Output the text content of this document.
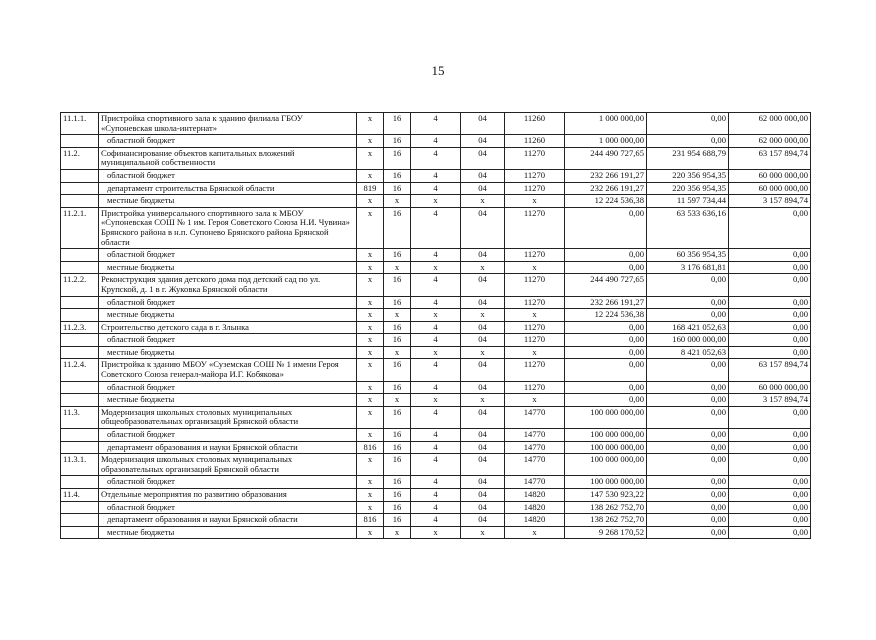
15
11.1.1.	Пристройка спортивного зала к зданию филиала ГБОУ «Супоневская школа-интернат»	х	16	4	04	11260	1 000 000,00	0,00	62 000 000,00
	областной бюджет	х	16	4	04	11260	1 000 000,00	0,00	62 000 000,00
11.2.	Софинансирование объектов капитальных вложений муниципальной собственности	х	16	4	04	11270	244 490 727,65	231 954 688,79	63 157 894,74
	областной бюджет	х	16	4	04	11270	232 266 191,27	220 356 954,35	60 000 000,00
	департамент строительства Брянской области	819	16	4	04	11270	232 266 191,27	220 356 954,35	60 000 000,00
	местные бюджеты	х	х	х	х	х	12 224 536,38	11 597 734,44	3 157 894,74
11.2.1.	Пристройка универсального спортивного зала к МБОУ «Супоневская СОШ № 1 им. Героя Советского Союза Н.И. Чувина» Брянского района в н.п. Супонево Брянского района Брянской области	х	16	4	04	11270	0,00	63 533 636,16	0,00
	областной бюджет	х	16	4	04	11270	0,00	60 356 954,35	0,00
	местные бюджеты	х	х	х	х	х	0,00	3 176 681,81	0,00
11.2.2.	Реконструкция здания детского дома под детский сад по ул. Крупской, д. 1 в г. Жуковка Брянской области	х	16	4	04	11270	244 490 727,65	0,00	0,00
	областной бюджет	х	16	4	04	11270	232 266 191,27	0,00	0,00
	местные бюджеты	х	х	х	х	х	12 224 536,38	0,00	0,00
11.2.3.	Строительство детского сада в г. Злынка	х	16	4	04	11270	0,00	168 421 052,63	0,00
	областной бюджет	х	16	4	04	11270	0,00	160 000 000,00	0,00
	местные бюджеты	х	х	х	х	х	0,00	8 421 052,63	0,00
11.2.4.	Пристройка к зданию МБОУ «Суземская СОШ № 1 имени Героя Советского Союза генерал-майора И.Г. Кобякова»	х	16	4	04	11270	0,00	0,00	63 157 894,74
	областной бюджет	х	16	4	04	11270	0,00	0,00	60 000 000,00
	местные бюджеты	х	х	х	х	х	0,00	0,00	3 157 894,74
11.3.	Модернизация школьных столовых муниципальных общеобразовательных организаций Брянской области	х	16	4	04	14770	100 000 000,00	0,00	0,00
	областной бюджет	х	16	4	04	14770	100 000 000,00	0,00	0,00
	департамент образования и науки Брянской области	816	16	4	04	14770	100 000 000,00	0,00	0,00
11.3.1.	Модернизация школьных столовых муниципальных образовательных организаций Брянской области	х	16	4	04	14770	100 000 000,00	0,00	0,00
	областной бюджет	х	16	4	04	14770	100 000 000,00	0,00	0,00
11.4.	Отдельные мероприятия по развитию образования	х	16	4	04	14820	147 530 923,22	0,00	0,00
	областной бюджет	х	16	4	04	14820	138 262 752,70	0,00	0,00
	департамент образования и науки Брянской области	816	16	4	04	14820	138 262 752,70	0,00	0,00
	местные бюджеты	х	х	х	х	х	9 268 170,52	0,00	0,00
